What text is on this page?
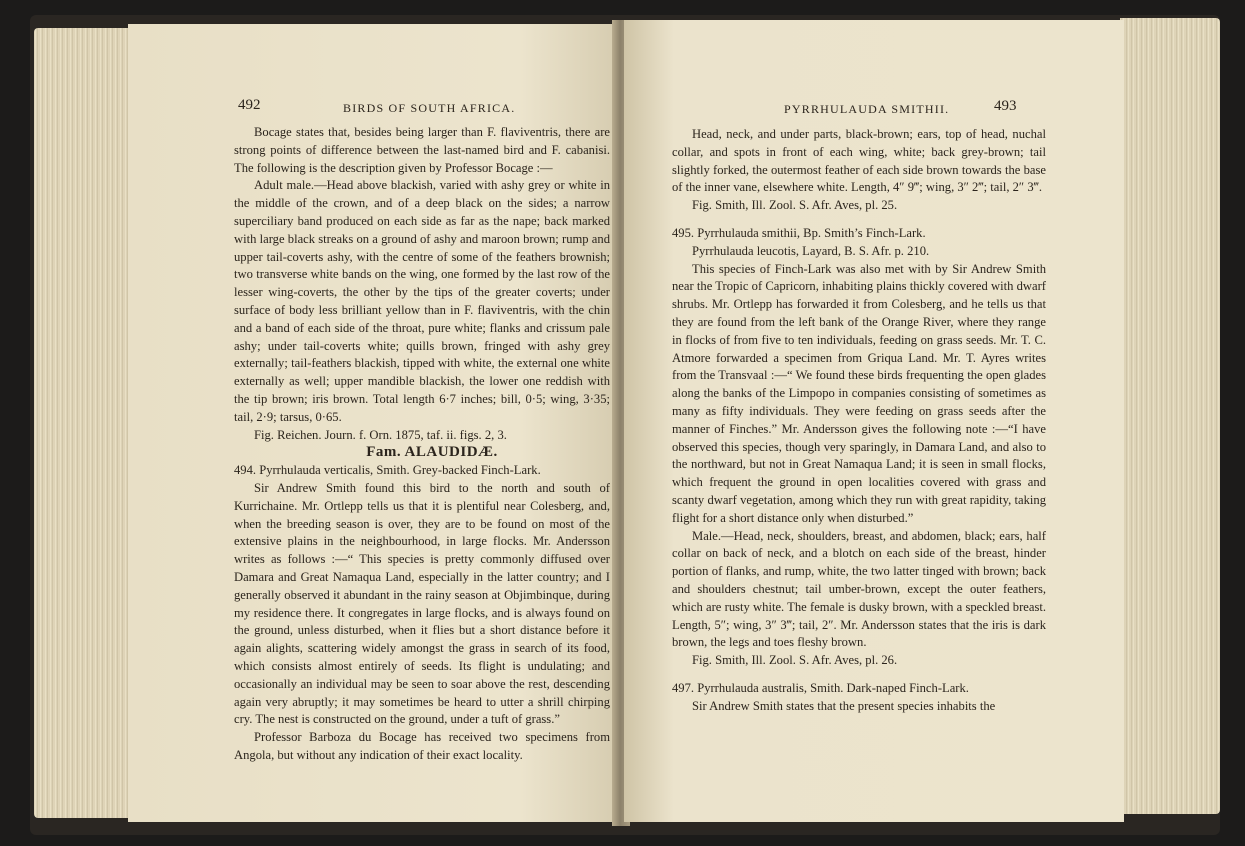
492	BIRDS OF SOUTH AFRICA.

Bocage states that, besides being larger than F. flaviventris, there are strong points of difference between the last-named bird and F. cabanisi. The following is the description given by Professor Bocage :—

Adult male.—Head above blackish, varied with ashy grey or white in the middle of the crown, and of a deep black on the sides; a narrow superciliary band produced on each side as far as the nape; back marked with large black streaks on a ground of ashy and maroon brown; rump and upper tail-coverts ashy, with the centre of some of the feathers brownish; two transverse white bands on the wing, one formed by the last row of the lesser wing-coverts, the other by the tips of the greater coverts; under surface of body less brilliant yellow than in F. flaviventris, with the chin and a band of each side of the throat, pure white; flanks and crissum pale ashy; under tail-coverts white; quills brown, fringed with ashy grey externally; tail-feathers blackish, tipped with white, the external one white externally as well; upper mandible blackish, the lower one reddish with the tip brown; iris brown. Total length 6·7 inches; bill, 0·5; wing, 3·35; tail, 2·9; tarsus, 0·65.

Fig. Reichen. Journ. f. Orn. 1875, taf. ii. figs. 2, 3.

Fam. ALAUDIDÆ.

494. Pyrrhulauda verticalis, Smith. Grey-backed Finch-Lark.

Sir Andrew Smith found this bird to the north and south of Kurrichaine. Mr. Ortlepp tells us that it is plentiful near Colesberg, and, when the breeding season is over, they are to be found on most of the extensive plains in the neighbourhood, in large flocks. Mr. Andersson writes as follows :—“ This species is pretty commonly diffused over Damara and Great Namaqua Land, especially in the latter country; and I generally observed it abundant in the rainy season at Objimbinque, during my residence there. It congregates in large flocks, and is always found on the ground, unless disturbed, when it flies but a short distance before it again alights, scattering widely amongst the grass in search of its food, which consists almost entirely of seeds. Its flight is undulating; and occasionally an individual may be seen to soar above the rest, descending again very abruptly; it may sometimes be heard to utter a shrill chirping cry. The nest is constructed on the ground, under a tuft of grass.”

Professor Barboza du Bocage has received two specimens from Angola, but without any indication of their exact locality.

PYRRHULAUDA SMITHII.	493

Head, neck, and under parts, black-brown; ears, top of head, nuchal collar, and spots in front of each wing, white; back grey-brown; tail slightly forked, the outermost feather of each side brown towards the base of the inner vane, elsewhere white. Length, 4″ 9‴; wing, 3″ 2‴; tail, 2″ 3‴.

Fig. Smith, Ill. Zool. S. Afr. Aves, pl. 25.

495. Pyrrhulauda smithii, Bp. Smith’s Finch-Lark.

Pyrrhulauda leucotis, Layard, B. S. Afr. p. 210.

This species of Finch-Lark was also met with by Sir Andrew Smith near the Tropic of Capricorn, inhabiting plains thickly covered with dwarf shrubs. Mr. Ortlepp has forwarded it from Colesberg, and he tells us that they are found from the left bank of the Orange River, where they range in flocks of from five to ten individuals, feeding on grass seeds. Mr. T. C. Atmore forwarded a specimen from Griqua Land. Mr. T. Ayres writes from the Transvaal :—“ We found these birds frequenting the open glades along the banks of the Limpopo in companies consisting of sometimes as many as fifty individuals. They were feeding on grass seeds after the manner of Finches.” Mr. Andersson gives the following note :—“I have observed this species, though very sparingly, in Damara Land, and also to the northward, but not in Great Namaqua Land; it is seen in small flocks, which frequent the ground in open localities covered with grass and scanty dwarf vegetation, among which they run with great rapidity, taking flight for a short distance only when disturbed.”

Male.—Head, neck, shoulders, breast, and abdomen, black; ears, half collar on back of neck, and a blotch on each side of the breast, hinder portion of flanks, and rump, white, the two latter tinged with brown; back and shoulders chestnut; tail umber-brown, except the outer feathers, which are rusty white. The female is dusky brown, with a speckled breast. Length, 5″; wing, 3″ 3‴; tail, 2″. Mr. Andersson states that the iris is dark brown, the legs and toes fleshy brown.

Fig. Smith, Ill. Zool. S. Afr. Aves, pl. 26.

497. Pyrrhulauda australis, Smith. Dark-naped Finch-Lark.

Sir Andrew Smith states that the present species inhabits the
